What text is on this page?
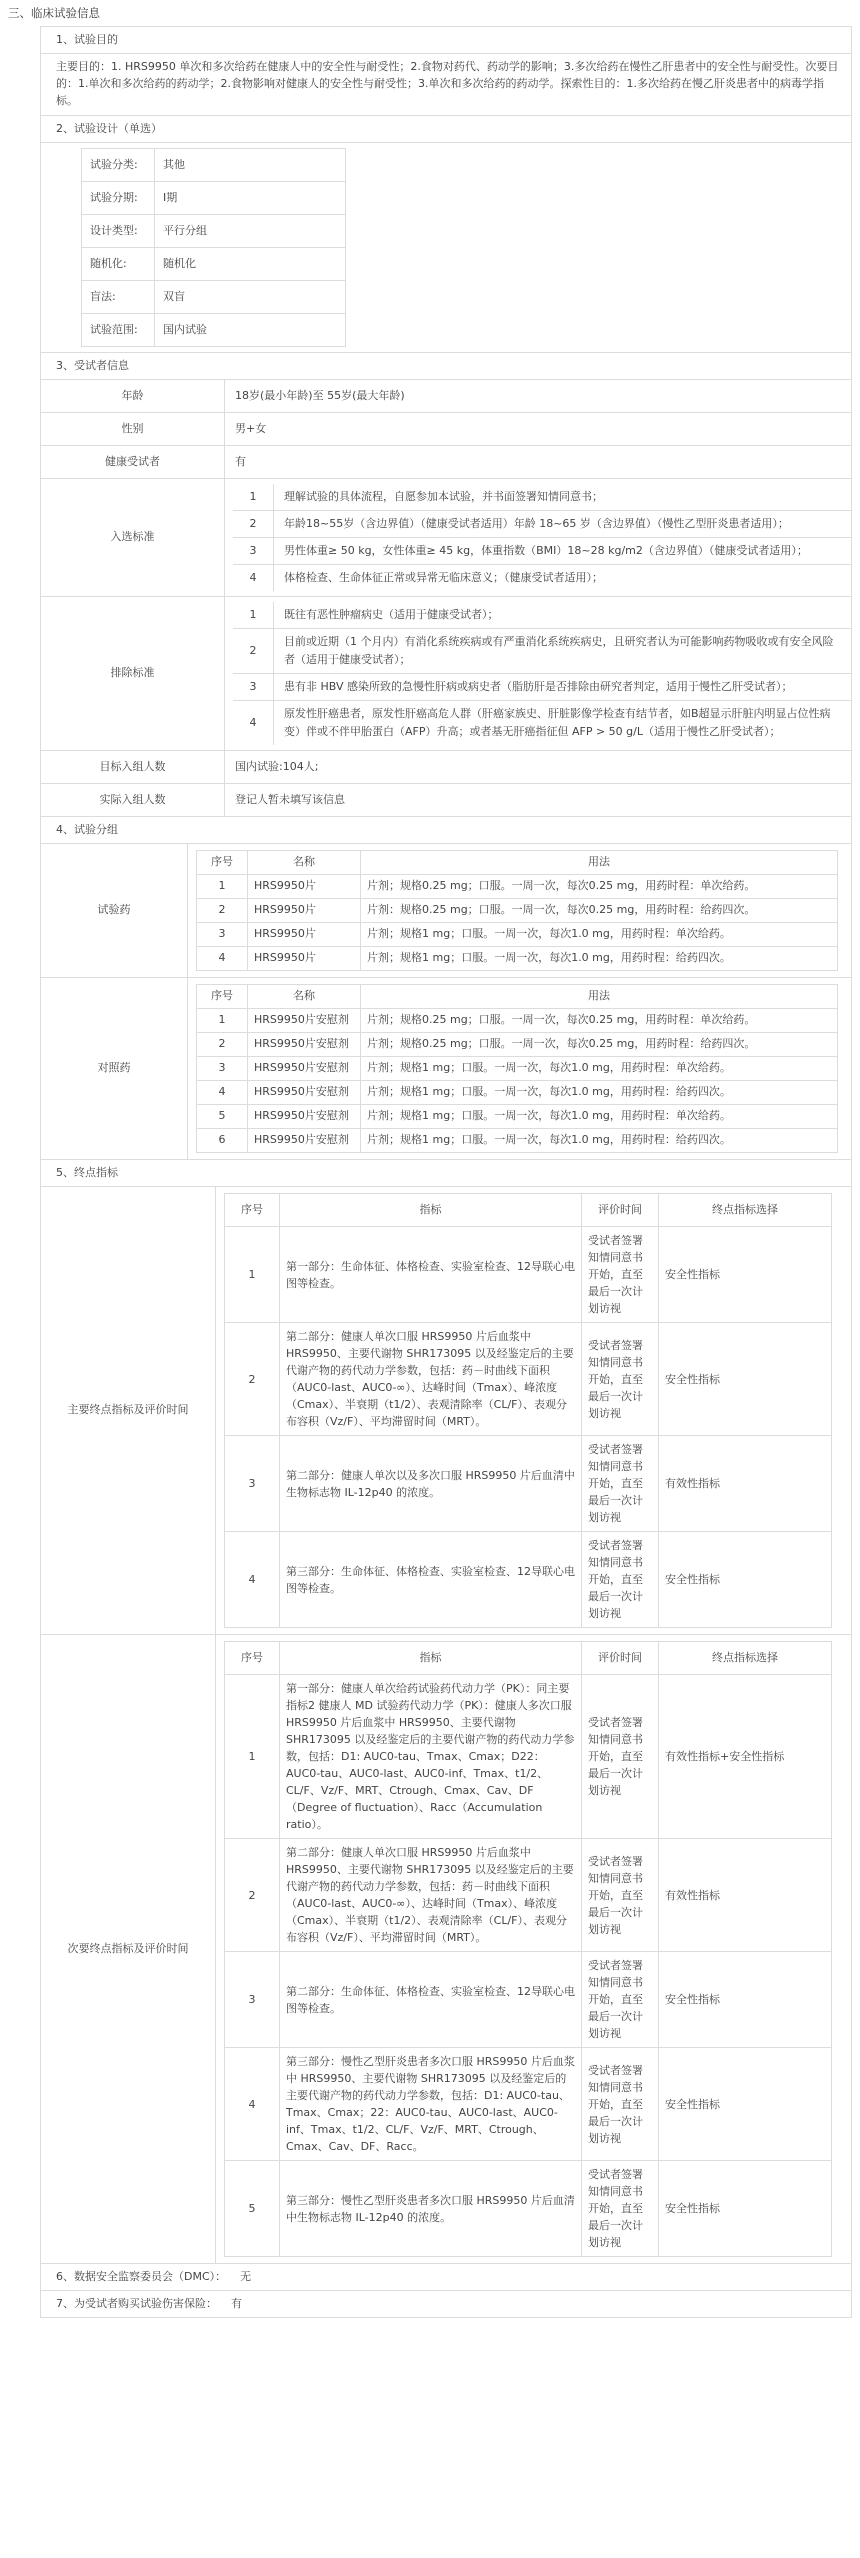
三、临床试验信息
1、试验目的
主要目的：1. HRS9950 单次和多次给药在健康人中的安全性与耐受性；2.食物对药代、药动学的影响；3.多次给药在慢性乙肝患者中的安全性与耐受性。次要目的：1.单次和多次给药的药动学；2.食物影响对健康人的安全性与耐受性；3.单次和多次给药的药动学。探索性目的：1.多次给药在慢乙肝炎患者中的病毒学指标。
2、试验设计（单选）
试验分类:	其他
试验分期:	I期
设计类型:	平行分组
随机化:	随机化
盲法:	双盲
试验范围:	国内试验
3、受试者信息
年龄	18岁(最小年龄)至 55岁(最大年龄)
性别	男+女
健康受试者	有
入选标准	
1	理解试验的具体流程，自愿参加本试验，并书面签署知情同意书；
2	年龄18~55岁（含边界值）（健康受试者适用）年龄 18~65 岁（含边界值）（慢性乙型肝炎患者适用）；
3	男性体重≥ 50 kg，女性体重≥ 45 kg，体重指数（BMI）18~28 kg/m2（含边界值）（健康受试者适用）；
4	体格检查、生命体征正常或异常无临床意义；（健康受试者适用）；

排除标准	
1	既往有恶性肿瘤病史（适用于健康受试者）；
2	目前或近期（1 个月内）有消化系统疾病或有严重消化系统疾病史，且研究者认为可能影响药物吸收或有安全风险者（适用于健康受试者）；
3	患有非 HBV 感染所致的急慢性肝病或病史者（脂肪肝是否排除由研究者判定，适用于慢性乙肝受试者）；
4	原发性肝癌患者，原发性肝癌高危人群（肝癌家族史、肝脏影像学检查有结节者，如B超显示肝脏内明显占位性病变）伴或不伴甲胎蛋白（AFP）升高；或者基无肝癌指征但 AFP > 50 g/L（适用于慢性乙肝受试者）；

目标入组人数	国内试验:104人;
实际入组人数	登记人暂未填写该信息
4、试验分组
试验药	
序号	名称	用法
1	HRS9950片	片剂；规格0.25 mg；口服。一周一次，每次0.25 mg，用药时程：单次给药。
2	HRS9950片	片剂：规格0.25 mg；口服。一周一次，每次0.25 mg，用药时程：给药四次。
3	HRS9950片	片剂；规格1 mg；口服。一周一次，每次1.0 mg，用药时程：单次给药。
4	HRS9950片	片剂；规格1 mg；口服。一周一次，每次1.0 mg，用药时程：给药四次。

对照药	
序号	名称	用法
1	HRS9950片安慰剂	片剂；规格0.25 mg；口服。一周一次，每次0.25 mg，用药时程：单次给药。
2	HRS9950片安慰剂	片剂；规格0.25 mg；口服。一周一次，每次0.25 mg，用药时程：给药四次。
3	HRS9950片安慰剂	片剂；规格1 mg；口服。一周一次，每次1.0 mg，用药时程：单次给药。
4	HRS9950片安慰剂	片剂；规格1 mg；口服。一周一次，每次1.0 mg，用药时程：给药四次。
5	HRS9950片安慰剂	片剂；规格1 mg；口服。一周一次，每次1.0 mg，用药时程：单次给药。
6	HRS9950片安慰剂	片剂；规格1 mg；口服。一周一次，每次1.0 mg，用药时程：给药四次。
5、终点指标
主要终点指标及评价时间	
序号	指标	评价时间	终点指标选择
1	第一部分：生命体征、体格检查、实验室检查、12导联心电图等检查。	受试者签署知情同意书开始，直至最后一次计划访视	安全性指标
2	第二部分：健康人单次口服 HRS9950 片后血浆中 HRS9950、主要代谢物 SHR173095 以及经鉴定后的主要代谢产物的药代动力学参数，包括：药－时曲线下面积（AUC0-last、AUC0-∞）、达峰时间（Tmax）、峰浓度（Cmax）、半衰期（t1/2）、表观清除率（CL/F）、表观分布容积（Vz/F）、平均滞留时间（MRT）。	受试者签署知情同意书开始，直至最后一次计划访视	安全性指标
3	第二部分：健康人单次以及多次口服 HRS9950 片后血清中生物标志物 IL-12p40 的浓度。	受试者签署知情同意书开始，直至最后一次计划访视	有效性指标
4	第三部分：生命体征、体格检查、实验室检查、12导联心电图等检查。	受试者签署知情同意书开始，直至最后一次计划访视	安全性指标

次要终点指标及评价时间	
序号	指标	评价时间	终点指标选择
1	第一部分：健康人单次给药试验药代动力学（PK）：同主要指标2 健康人 MD 试验药代动力学（PK）：健康人多次口服 HRS9950 片后血浆中 HRS9950、主要代谢物 SHR173095 以及经鉴定后的主要代谢产物的药代动力学参数，包括：D1: AUC0-tau、Tmax、Cmax；D22：AUC0-tau、AUC0-last、AUC0-inf、Tmax、t1/2、CL/F、Vz/F、MRT、Ctrough、Cmax、Cav、DF（Degree of fluctuation）、Racc（Accumulation ratio）。	受试者签署知情同意书开始，直至最后一次计划访视	有效性指标+安全性指标
2	第二部分：健康人单次口服 HRS9950 片后血浆中 HRS9950、主要代谢物 SHR173095 以及经鉴定后的主要代谢产物的药代动力学参数，包括：药－时曲线下面积（AUC0-last、AUC0-∞）、达峰时间（Tmax）、峰浓度（Cmax）、半衰期（t1/2）、表观清除率（CL/F）、表观分布容积（Vz/F）、平均滞留时间（MRT）。	受试者签署知情同意书开始，直至最后一次计划访视	有效性指标
3	第二部分：生命体征、体格检查、实验室检查、12导联心电图等检查。	受试者签署知情同意书开始，直至最后一次计划访视	安全性指标
4	第三部分：慢性乙型肝炎患者多次口服 HRS9950 片后血浆中 HRS9950、主要代谢物 SHR173095 以及经鉴定后的主要代谢产物的药代动力学参数，包括：D1: AUC0-tau、Tmax、Cmax；22：AUC0-tau、AUC0-last、AUC0-inf、Tmax、t1/2、CL/F、Vz/F、MRT、Ctrough、Cmax、Cav、DF、Racc。	受试者签署知情同意书开始，直至最后一次计划访视	安全性指标
5	第三部分：慢性乙型肝炎患者多次口服 HRS9950 片后血清中生物标志物 IL-12p40 的浓度。	受试者签署知情同意书开始，直至最后一次计划访视	安全性指标
6、数据安全监察委员会（DMC）： 无
7、为受试者购买试验伤害保险： 有
